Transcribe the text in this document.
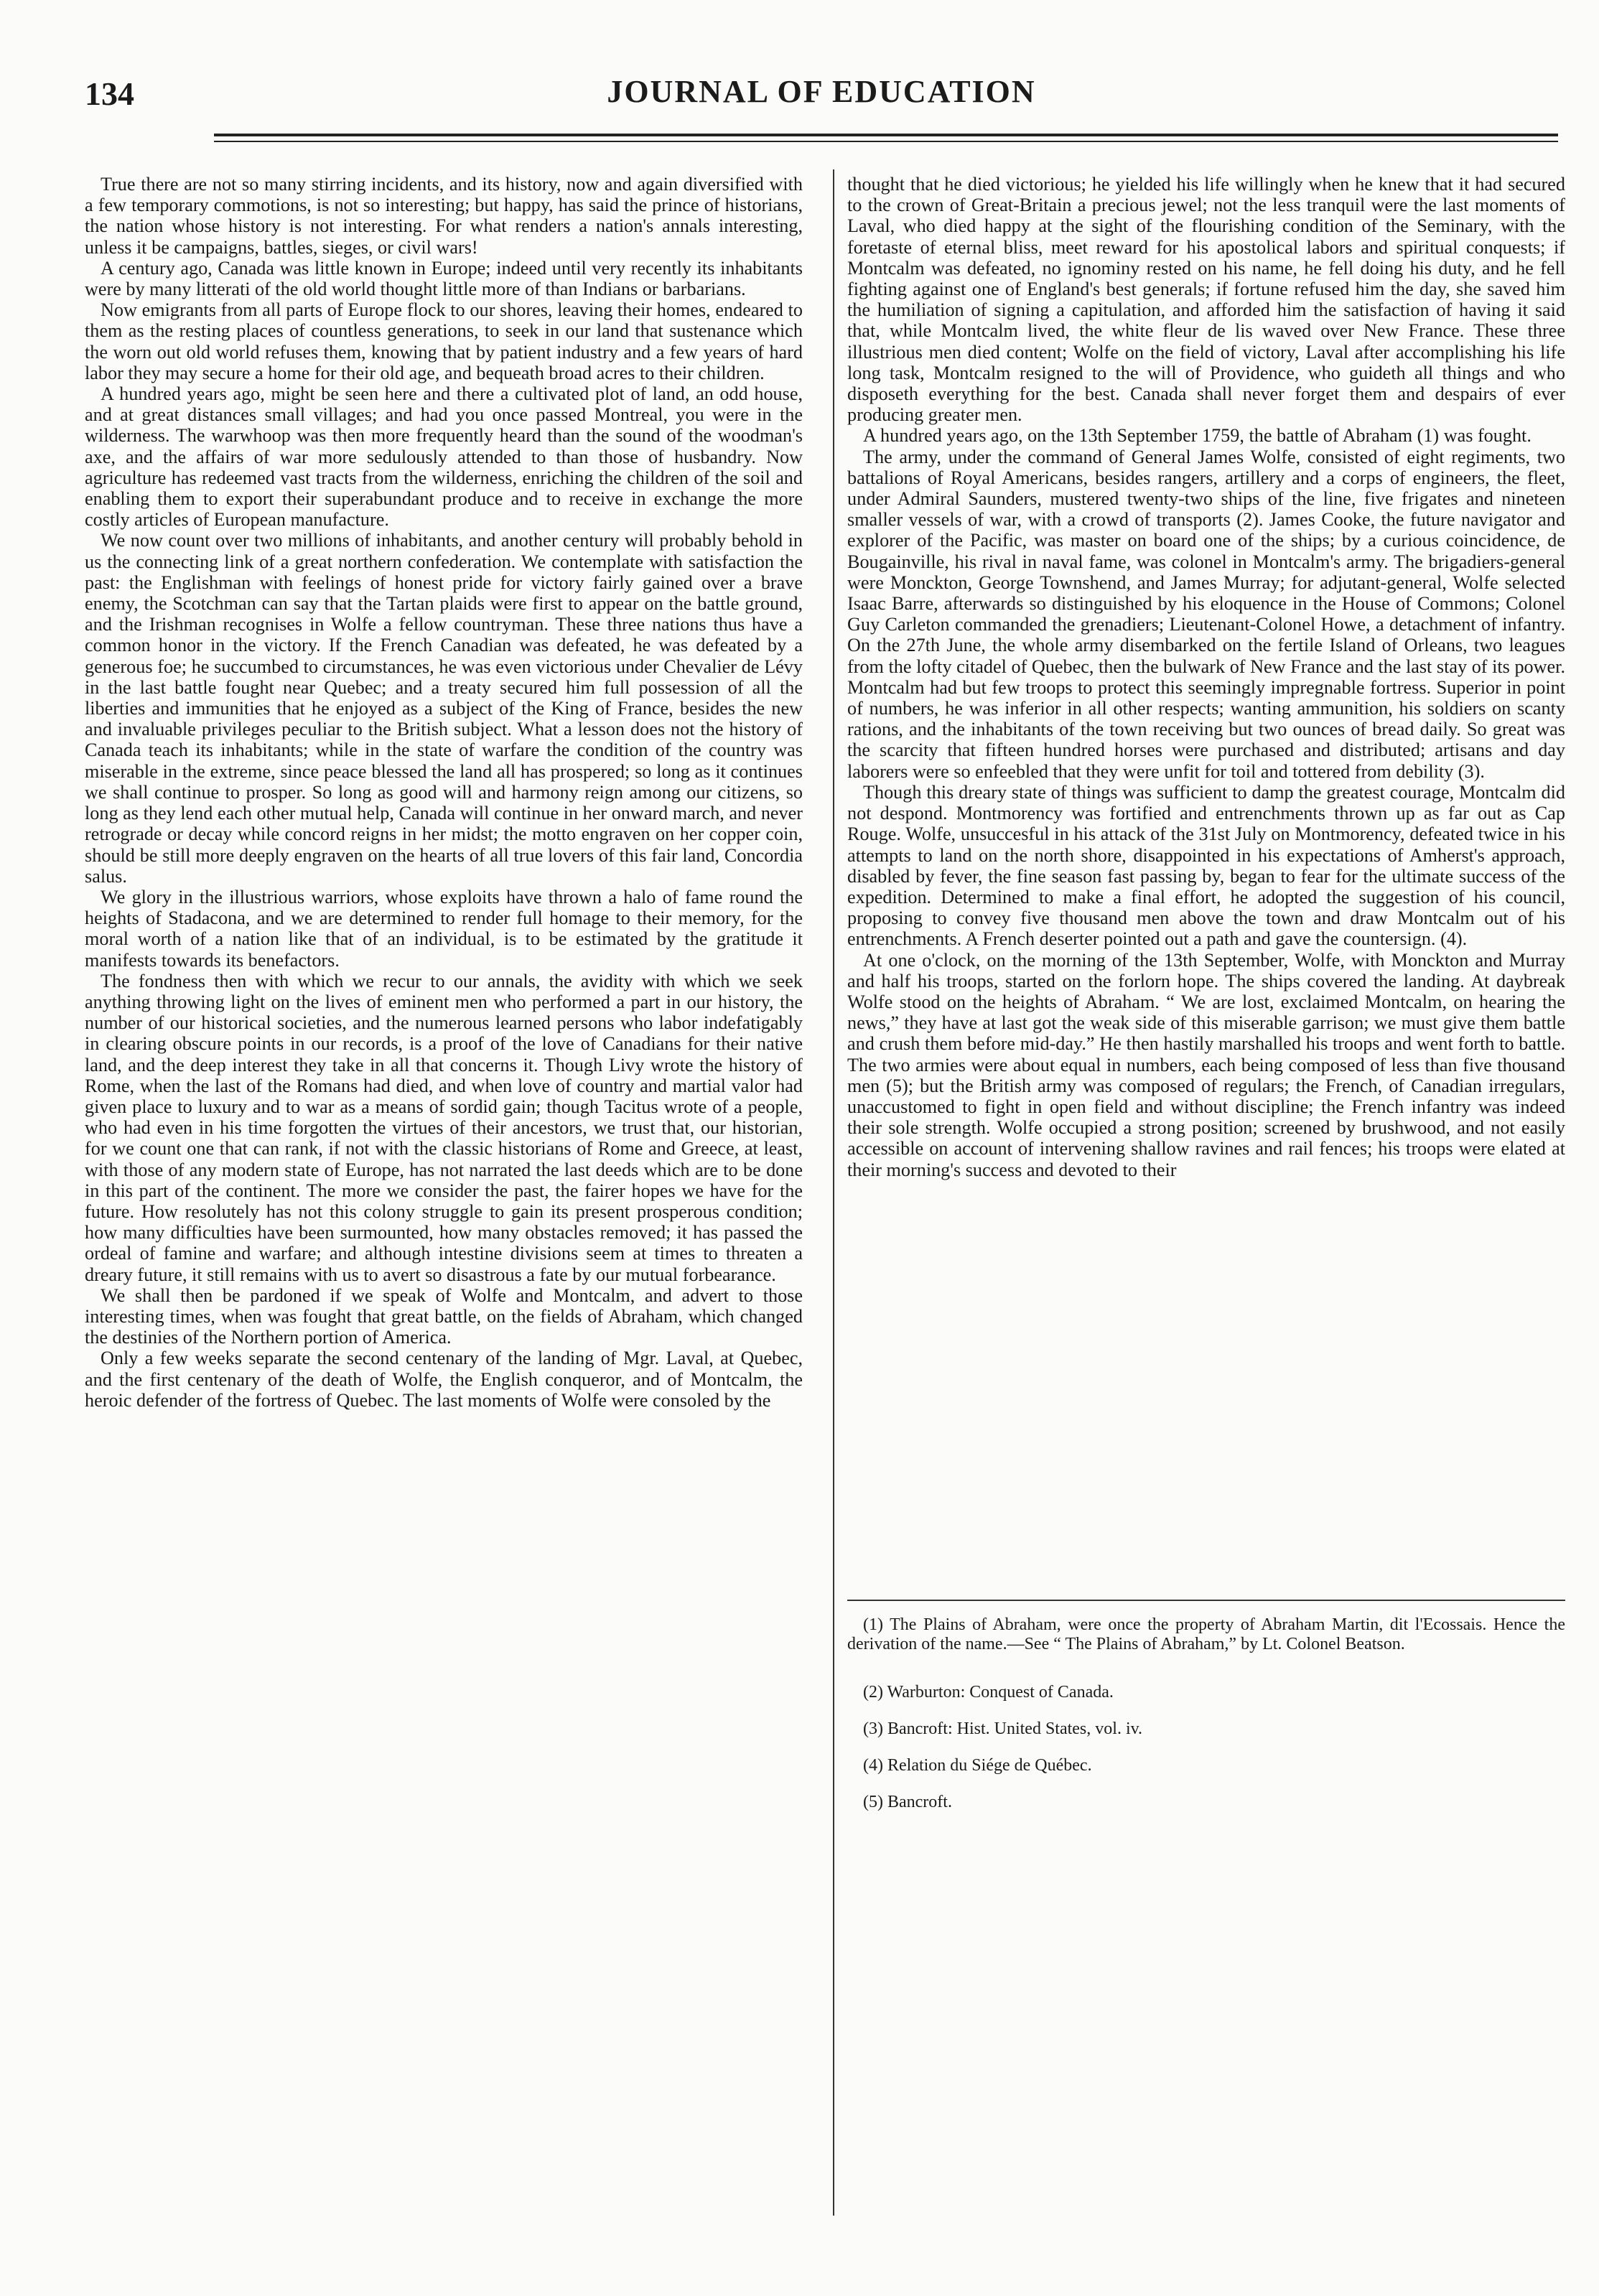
134	JOURNAL OF EDUCATION

True there are not so many stirring incidents, and its history, now and again diversified with a few temporary commotions, is not so interesting; but happy, has said the prince of historians, the nation whose history is not interesting. For what renders a nation's annals interesting, unless it be campaigns, battles, sieges, or civil wars!

A century ago, Canada was little known in Europe; indeed until very recently its inhabitants were by many litterati of the old world thought little more of than Indians or barbarians.

Now emigrants from all parts of Europe flock to our shores, leaving their homes, endeared to them as the resting places of countless generations, to seek in our land that sustenance which the worn out old world refuses them, knowing that by patient industry and a few years of hard labor they may secure a home for their old age, and bequeath broad acres to their children.

A hundred years ago, might be seen here and there a cultivated plot of land, an odd house, and at great distances small villages; and had you once passed Montreal, you were in the wilderness. The warwhoop was then more frequently heard than the sound of the woodman's axe, and the affairs of war more sedulously attended to than those of husbandry. Now agriculture has redeemed vast tracts from the wilderness, enriching the children of the soil and enabling them to export their superabundant produce and to receive in exchange the more costly articles of European manufacture.

We now count over two millions of inhabitants, and another century will probably behold in us the connecting link of a great northern confederation. We contemplate with satisfaction the past: the Englishman with feelings of honest pride for victory fairly gained over a brave enemy, the Scotchman can say that the Tartan plaids were first to appear on the battle ground, and the Irishman recognises in Wolfe a fellow countryman. These three nations thus have a common honor in the victory. If the French Canadian was defeated, he was defeated by a generous foe; he succumbed to circumstances, he was even victorious under Chevalier de Lévy in the last battle fought near Quebec; and a treaty secured him full possession of all the liberties and immunities that he enjoyed as a subject of the King of France, besides the new and invaluable privileges peculiar to the British subject. What a lesson does not the history of Canada teach its inhabitants; while in the state of warfare the condition of the country was miserable in the extreme, since peace blessed the land all has prospered; so long as it continues we shall continue to prosper. So long as good will and harmony reign among our citizens, so long as they lend each other mutual help, Canada will continue in her onward march, and never retrograde or decay while concord reigns in her midst; the motto engraven on her copper coin, should be still more deeply engraven on the hearts of all true lovers of this fair land, Concordia salus.

We glory in the illustrious warriors, whose exploits have thrown a halo of fame round the heights of Stadacona, and we are determined to render full homage to their memory, for the moral worth of a nation like that of an individual, is to be estimated by the gratitude it manifests towards its benefactors.

The fondness then with which we recur to our annals, the avidity with which we seek anything throwing light on the lives of eminent men who performed a part in our history, the number of our historical societies, and the numerous learned persons who labor indefatigably in clearing obscure points in our records, is a proof of the love of Canadians for their native land, and the deep interest they take in all that concerns it. Though Livy wrote the history of Rome, when the last of the Romans had died, and when love of country and martial valor had given place to luxury and to war as a means of sordid gain; though Tacitus wrote of a people, who had even in his time forgotten the virtues of their ancestors, we trust that, our historian, for we count one that can rank, if not with the classic historians of Rome and Greece, at least, with those of any modern state of Europe, has not narrated the last deeds which are to be done in this part of the continent. The more we consider the past, the fairer hopes we have for the future. How resolutely has not this colony struggle to gain its present prosperous condition; how many difficulties have been surmounted, how many obstacles removed; it has passed the ordeal of famine and warfare; and although intestine divisions seem at times to threaten a dreary future, it still remains with us to avert so disastrous a fate by our mutual forbearance.

We shall then be pardoned if we speak of Wolfe and Montcalm, and advert to those interesting times, when was fought that great battle, on the fields of Abraham, which changed the destinies of the Northern portion of America.

Only a few weeks separate the second centenary of the landing of Mgr. Laval, at Quebec, and the first centenary of the death of Wolfe, the English conqueror, and of Montcalm, the heroic defender of the fortress of Quebec. The last moments of Wolfe were consoled by the

thought that he died victorious; he yielded his life willingly when he knew that it had secured to the crown of Great-Britain a precious jewel; not the less tranquil were the last moments of Laval, who died happy at the sight of the flourishing condition of the Seminary, with the foretaste of eternal bliss, meet reward for his apostolical labors and spiritual conquests; if Montcalm was defeated, no ignominy rested on his name, he fell doing his duty, and he fell fighting against one of England's best generals; if fortune refused him the day, she saved him the humiliation of signing a capitulation, and afforded him the satisfaction of having it said that, while Montcalm lived, the white fleur de lis waved over New France. These three illustrious men died content; Wolfe on the field of victory, Laval after accomplishing his life long task, Montcalm resigned to the will of Providence, who guideth all things and who disposeth everything for the best. Canada shall never forget them and despairs of ever producing greater men.

A hundred years ago, on the 13th September 1759, the battle of Abraham (1) was fought.

The army, under the command of General James Wolfe, consisted of eight regiments, two battalions of Royal Americans, besides rangers, artillery and a corps of engineers, the fleet, under Admiral Saunders, mustered twenty-two ships of the line, five frigates and nineteen smaller vessels of war, with a crowd of transports (2). James Cooke, the future navigator and explorer of the Pacific, was master on board one of the ships; by a curious coincidence, de Bougainville, his rival in naval fame, was colonel in Montcalm's army. The brigadiers-general were Monckton, George Townshend, and James Murray; for adjutant-general, Wolfe selected Isaac Barre, afterwards so distinguished by his eloquence in the House of Commons; Colonel Guy Carleton commanded the grenadiers; Lieutenant-Colonel Howe, a detachment of infantry. On the 27th June, the whole army disembarked on the fertile Island of Orleans, two leagues from the lofty citadel of Quebec, then the bulwark of New France and the last stay of its power. Montcalm had but few troops to protect this seemingly impregnable fortress. Superior in point of numbers, he was inferior in all other respects; wanting ammunition, his soldiers on scanty rations, and the inhabitants of the town receiving but two ounces of bread daily. So great was the scarcity that fifteen hundred horses were purchased and distributed; artisans and day laborers were so enfeebled that they were unfit for toil and tottered from debility (3).

Though this dreary state of things was sufficient to damp the greatest courage, Montcalm did not despond. Montmorency was fortified and entrenchments thrown up as far out as Cap Rouge. Wolfe, unsuccesful in his attack of the 31st July on Montmorency, defeated twice in his attempts to land on the north shore, disappointed in his expectations of Amherst's approach, disabled by fever, the fine season fast passing by, began to fear for the ultimate success of the expedition. Determined to make a final effort, he adopted the suggestion of his council, proposing to convey five thousand men above the town and draw Montcalm out of his entrenchments. A French deserter pointed out a path and gave the countersign. (4).

At one o'clock, on the morning of the 13th September, Wolfe, with Monckton and Murray and half his troops, started on the forlorn hope. The ships covered the landing. At daybreak Wolfe stood on the heights of Abraham. “ We are lost, exclaimed Montcalm, on hearing the news,” they have at last got the weak side of this miserable garrison; we must give them battle and crush them before mid-day.” He then hastily marshalled his troops and went forth to battle. The two armies were about equal in numbers, each being composed of less than five thousand men (5); but the British army was composed of regulars; the French, of Canadian irregulars, unaccustomed to fight in open field and without discipline; the French infantry was indeed their sole strength. Wolfe occupied a strong position; screened by brushwood, and not easily accessible on account of intervening shallow ravines and rail fences; his troops were elated at their morning's success and devoted to their

(1) The Plains of Abraham, were once the property of Abraham Martin, dit l'Ecossais. Hence the derivation of the name.—See “ The Plains of Abraham,” by Lt. Colonel Beatson.

(2) Warburton: Conquest of Canada.

(3) Bancroft: Hist. United States, vol. iv.

(4) Relation du Siége de Québec.

(5) Bancroft.
